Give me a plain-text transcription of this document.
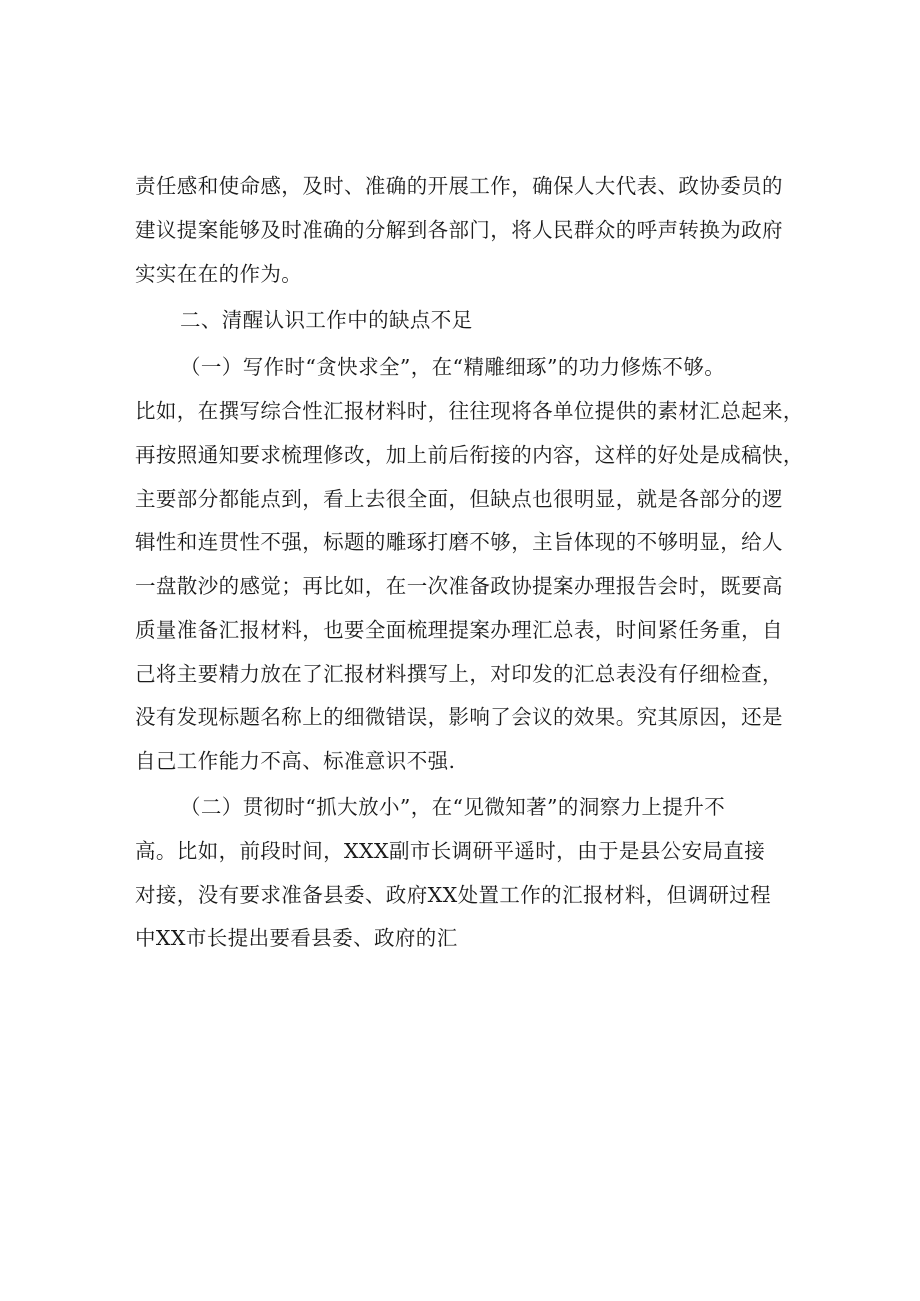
责任感和使命感，及时、准确的开展工作，确保人大代表、政协委员的
建议提案能够及时准确的分解到各部门，将人民群众的呼声转换为政府
实实在在的作为。
二、清醒认识工作中的缺点不足
（一）写作时“贪快求全”，在“精雕细琢”的功力修炼不够。
比如，在撰写综合性汇报材料时，往往现将各单位提供的素材汇总起来，
再按照通知要求梳理修改，加上前后衔接的内容，这样的好处是成稿快，
主要部分都能点到，看上去很全面，但缺点也很明显，就是各部分的逻
辑性和连贯性不强，标题的雕琢打磨不够，主旨体现的不够明显，给人
一盘散沙的感觉；再比如，在一次准备政协提案办理报告会时，既要高
质量准备汇报材料，也要全面梳理提案办理汇总表，时间紧任务重，自
己将主要精力放在了汇报材料撰写上，对印发的汇总表没有仔细检查，
没有发现标题名称上的细微错误，影响了会议的效果。究其原因，还是
自己工作能力不高、标准意识不强.
（二）贯彻时“抓大放小”，在“见微知著”的洞察力上提升不
高。比如，前段时间，XXX副市长调研平遥时，由于是县公安局直接
对接，没有要求准备县委、政府XX处置工作的汇报材料，但调研过程
中XX市长提出要看县委、政府的汇
